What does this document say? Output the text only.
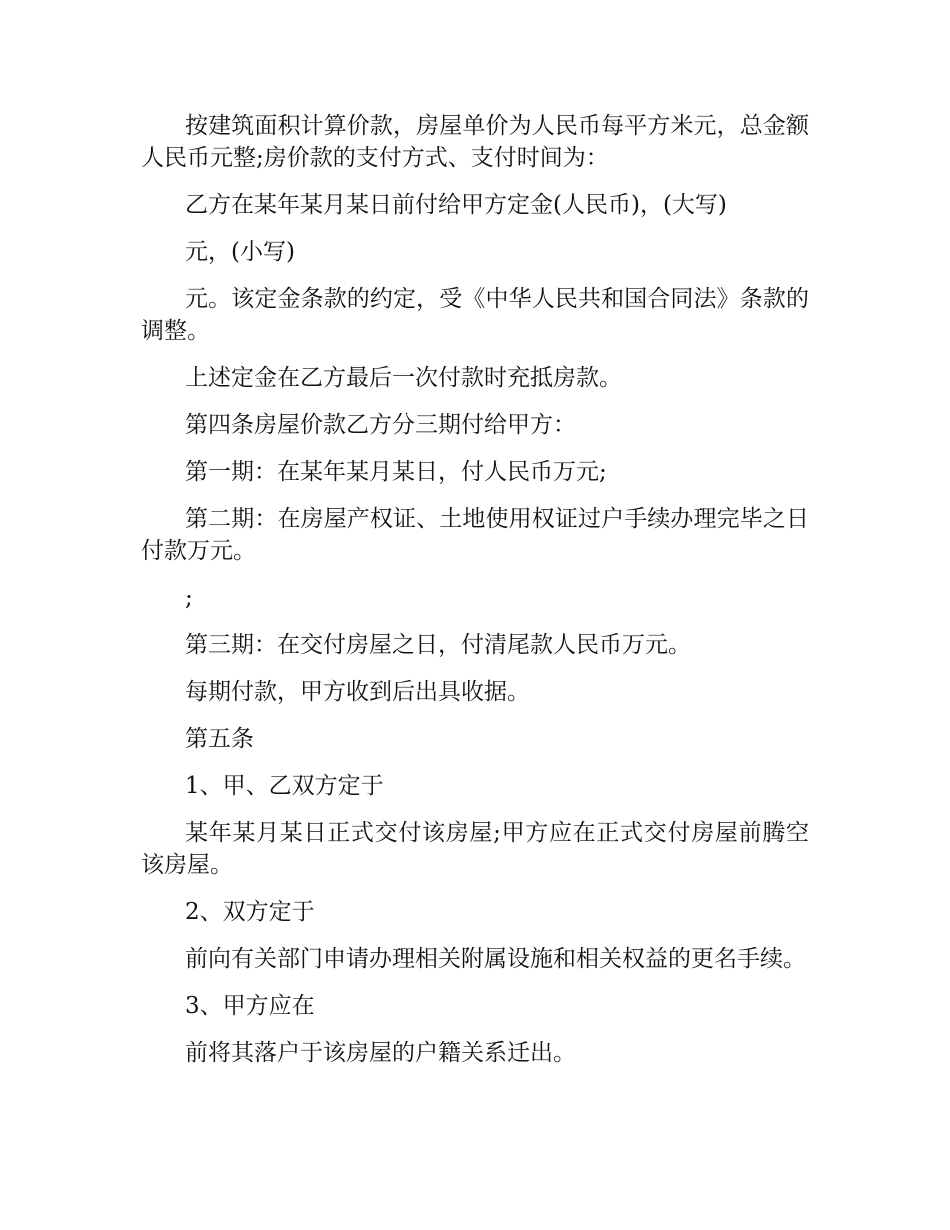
按建筑面积计算价款，房屋单价为人民币每平方米元，总金额人民币元整;房价款的支付方式、支付时间为：

乙方在某年某月某日前付给甲方定金(人民币)，(大写)

元，(小写)

元。该定金条款的约定，受《中华人民共和国合同法》条款的调整。

上述定金在乙方最后一次付款时充抵房款。

第四条房屋价款乙方分三期付给甲方：

第一期：在某年某月某日，付人民币万元;

第二期：在房屋产权证、土地使用权证过户手续办理完毕之日付款万元。

;

第三期：在交付房屋之日，付清尾款人民币万元。

每期付款，甲方收到后出具收据。

第五条

1、甲、乙双方定于

某年某月某日正式交付该房屋;甲方应在正式交付房屋前腾空该房屋。

2、双方定于

前向有关部门申请办理相关附属设施和相关权益的更名手续。

3、甲方应在

前将其落户于该房屋的户籍关系迁出。
